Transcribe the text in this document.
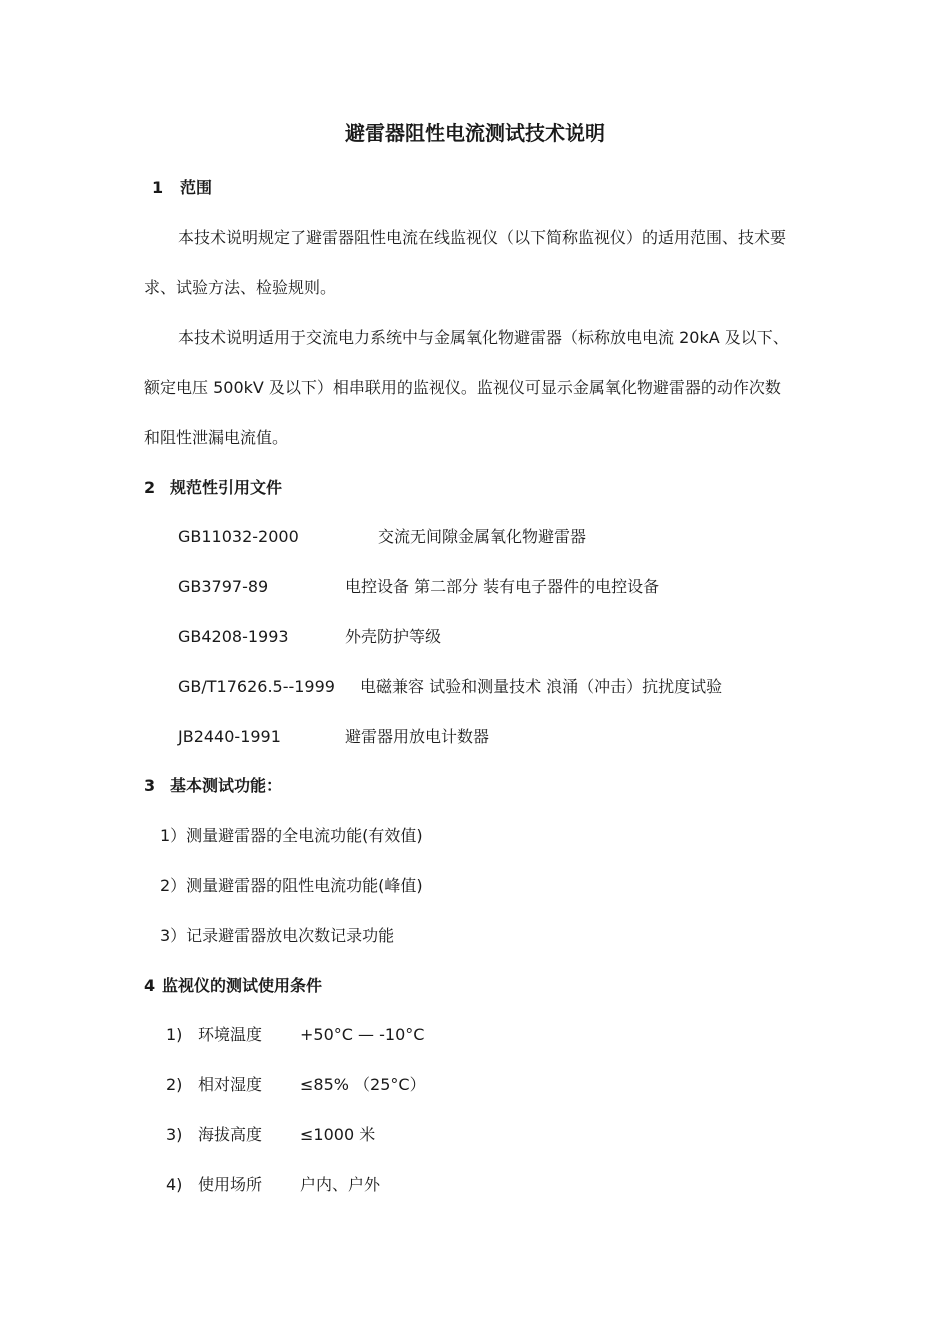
避雷器阻性电流测试技术说明
1 范围
本技术说明规定了避雷器阻性电流在线监视仪（以下简称监视仪）的适用范围、技术要
求、试验方法、检验规则。
本技术说明适用于交流电力系统中与金属氧化物避雷器（标称放电电流 20kA 及以下、
额定电压 500kV 及以下）相串联用的监视仪。监视仪可显示金属氧化物避雷器的动作次数
和阻性泄漏电流值。
2 规范性引用文件
GB11032-2000	交流无间隙金属氧化物避雷器
GB3797-89	电控设备 第二部分 装有电子器件的电控设备
GB4208-1993	外壳防护等级
GB/T17626.5--1999 电磁兼容 试验和测量技术 浪涌（冲击）抗扰度试验
JB2440-1991	避雷器用放电计数器
3 基本测试功能：
1）测量避雷器的全电流功能(有效值)
2）测量避雷器的阻性电流功能(峰值)
3）记录避雷器放电次数记录功能
4 监视仪的测试使用条件
1) 环境温度 +50°C — -10°C
2) 相对湿度 ≤85% （25°C）
3) 海拔高度 ≤1000 米
4) 使用场所 户内、户外
